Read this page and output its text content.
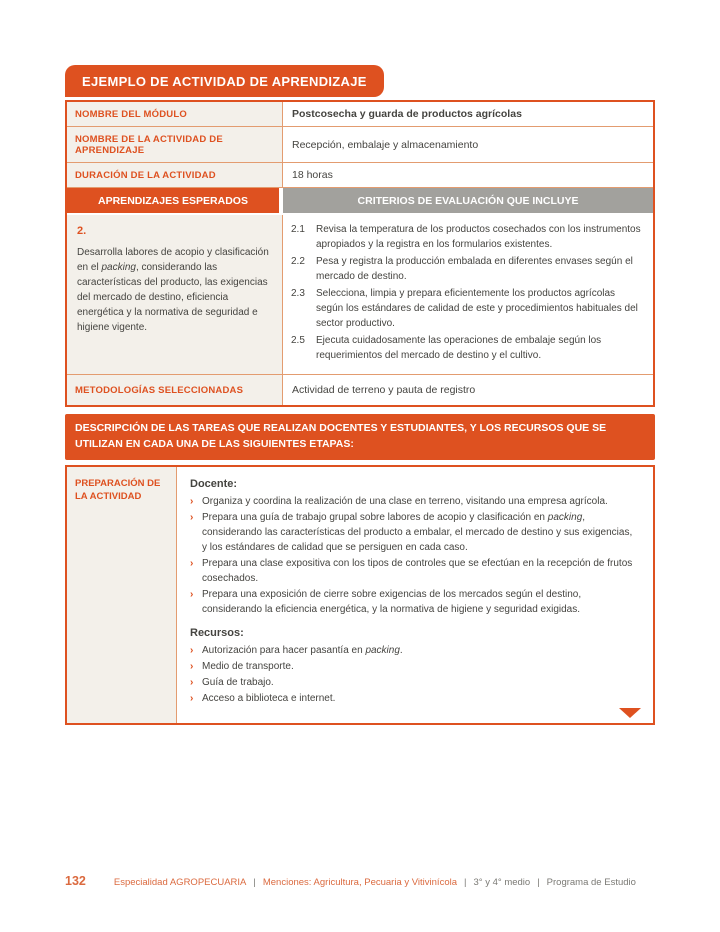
EJEMPLO DE ACTIVIDAD DE APRENDIZAJE
NOMBRE DEL MÓDULO	Postcosecha y guarda de productos agrícolas
NOMBRE DE LA ACTIVIDAD DE APRENDIZAJE	Recepción, embalaje y almacenamiento
DURACIÓN DE LA ACTIVIDAD	18 horas
APRENDIZAJES ESPERADOS	CRITERIOS DE EVALUACIÓN QUE INCLUYE
2.
Desarrolla labores de acopio y clasificación en el packing, considerando las características del producto, las exigencias del mercado de destino, eficiencia energética y la normativa de seguridad e higiene vigente.
2.1	Revisa la temperatura de los productos cosechados con los instrumentos apropiados y la registra en los formularios existentes.
2.2	Pesa y registra la producción embalada en diferentes envases según el mercado de destino.
2.3	Selecciona, limpia y prepara eficientemente los productos agrícolas según los estándares de calidad de este y procedimientos habituales del sector productivo.
2.5	Ejecuta cuidadosamente las operaciones de embalaje según los requerimientos del mercado de destino y el cultivo.
METODOLOGÍAS SELECCIONADAS	Actividad de terreno y pauta de registro
DESCRIPCIÓN DE LAS TAREAS QUE REALIZAN DOCENTES Y ESTUDIANTES, Y LOS RECURSOS QUE SE UTILIZAN EN CADA UNA DE LAS SIGUIENTES ETAPAS:
PREPARACIÓN DE LA ACTIVIDAD
Docente:
› Organiza y coordina la realización de una clase en terreno, visitando una empresa agrícola.
› Prepara una guía de trabajo grupal sobre labores de acopio y clasificación en packing, considerando las características del producto a embalar, el mercado de destino y sus exigencias, y los estándares de calidad que se persiguen en cada caso.
› Prepara una clase expositiva con los tipos de controles que se efectúan en la recepción de frutos cosechados.
› Prepara una exposición de cierre sobre exigencias de los mercados según el destino, considerando la eficiencia energética, y la normativa de higiene y seguridad exigidas.
Recursos:
› Autorización para hacer pasantía en packing.
› Medio de transporte.
› Guía de trabajo.
› Acceso a biblioteca e internet.
132	Especialidad AGROPECUARIA | Menciones: Agricultura, Pecuaria y Vitivinícola | 3° y 4° medio | Programa de Estudio
